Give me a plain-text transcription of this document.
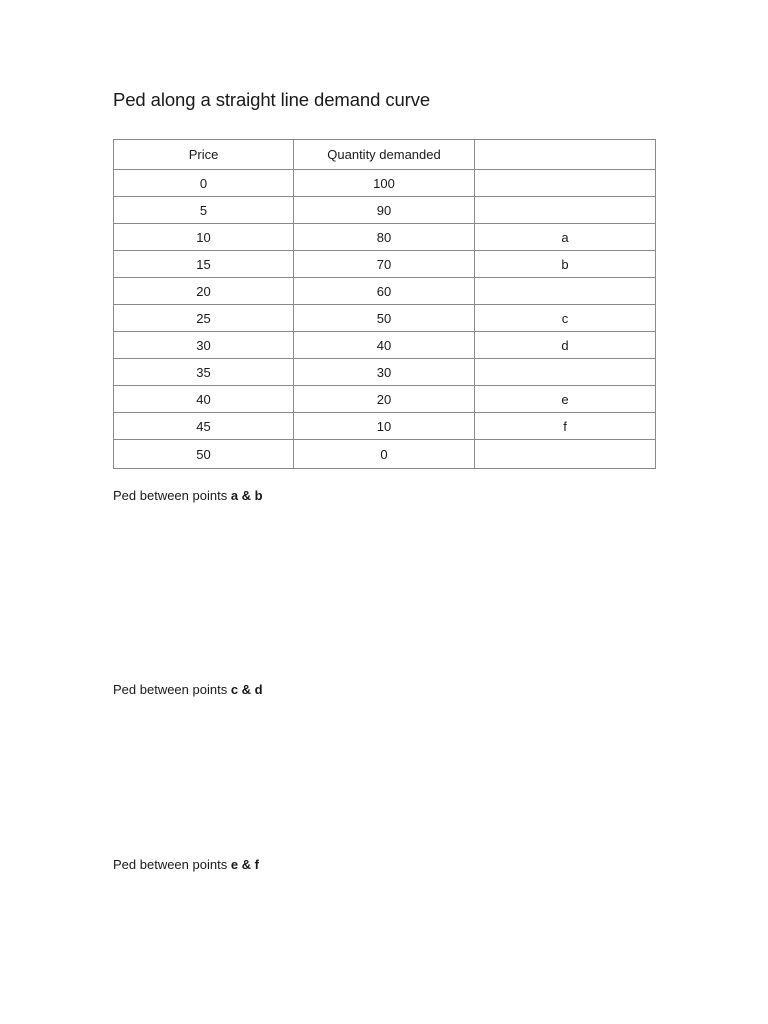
Ped along a straight line demand curve
Price	Quantity demanded	
0	100	
5	90	
10	80	a
15	70	b
20	60	
25	50	c
30	40	d
35	30	
40	20	e
45	10	f
50	0	

Ped between points a & b

Ped between points c & d

Ped between points e & f
